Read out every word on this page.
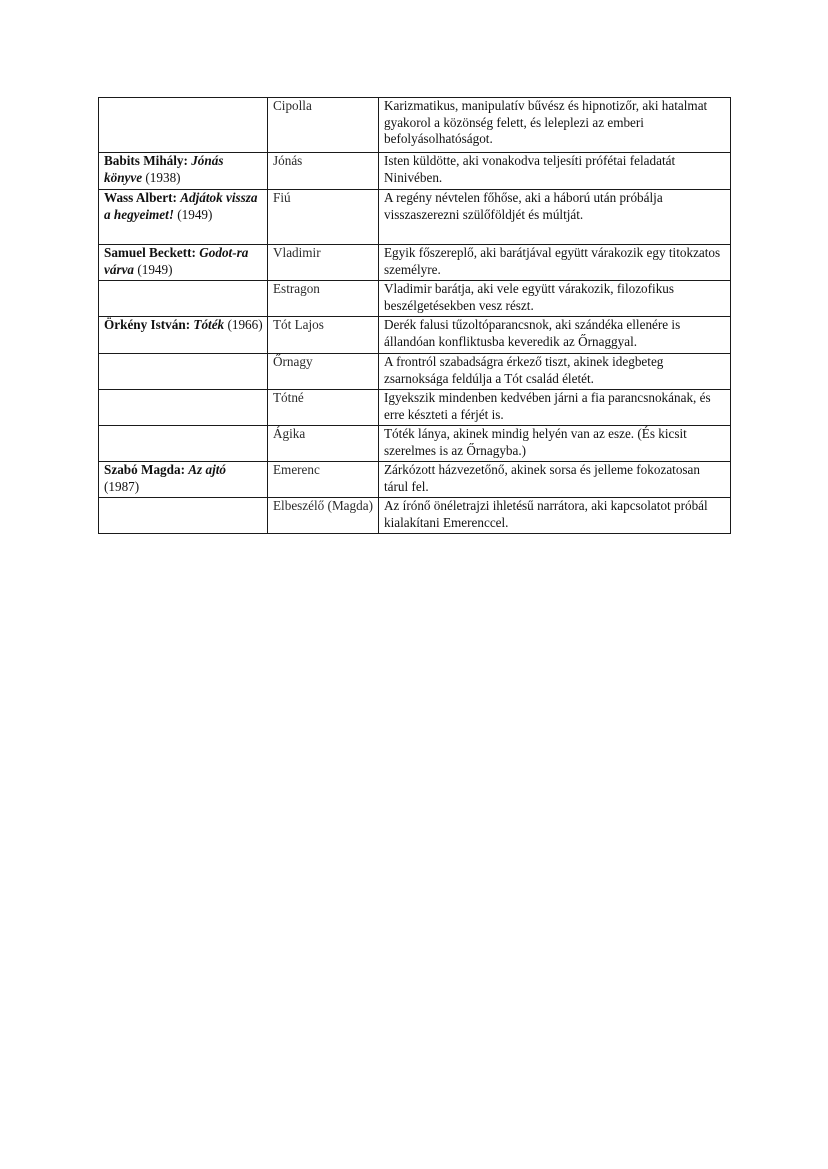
	Cipolla	Karizmatikus, manipulatív bűvész és hipnotizőr, aki hatalmat gyakorol a közönség felett, és leleplezi az emberi befolyásolhatóságot.
Babits Mihály: Jónás könyve (1938)	Jónás	Isten küldötte, aki vonakodva teljesíti prófétai feladatát Ninivében.
Wass Albert: Adjátok vissza a hegyeimet! (1949)	Fiú	A regény névtelen főhőse, aki a háború után próbálja visszaszerezni szülőföldjét és múltját.
Samuel Beckett: Godot-ra várva (1949)	Vladimir	Egyik főszereplő, aki barátjával együtt várakozik egy titokzatos személyre.
	Estragon	Vladimir barátja, aki vele együtt várakozik, filozofikus beszélgetésekben vesz részt.
Örkény István: Tóték (1966)	Tót Lajos	Derék falusi tűzoltóparancsnok, aki szándéka ellenére is állandóan konfliktusba keveredik az Őrnaggyal.
	Őrnagy	A frontról szabadságra érkező tiszt, akinek idegbeteg zsarnoksága feldúlja a Tót család életét.
	Tótné	Igyekszik mindenben kedvében járni a fia parancsnokának, és erre készteti a férjét is.
	Ágika	Tóték lánya, akinek mindig helyén van az esze. (És kicsit szerelmes is az Őrnagyba.)
Szabó Magda: Az ajtó (1987)	Emerenc	Zárkózott házvezetőnő, akinek sorsa és jelleme fokozatosan tárul fel.
	Elbeszélő (Magda)	Az írónő önéletrajzi ihletésű narrátora, aki kapcsolatot próbál kialakítani Emerenccel.
